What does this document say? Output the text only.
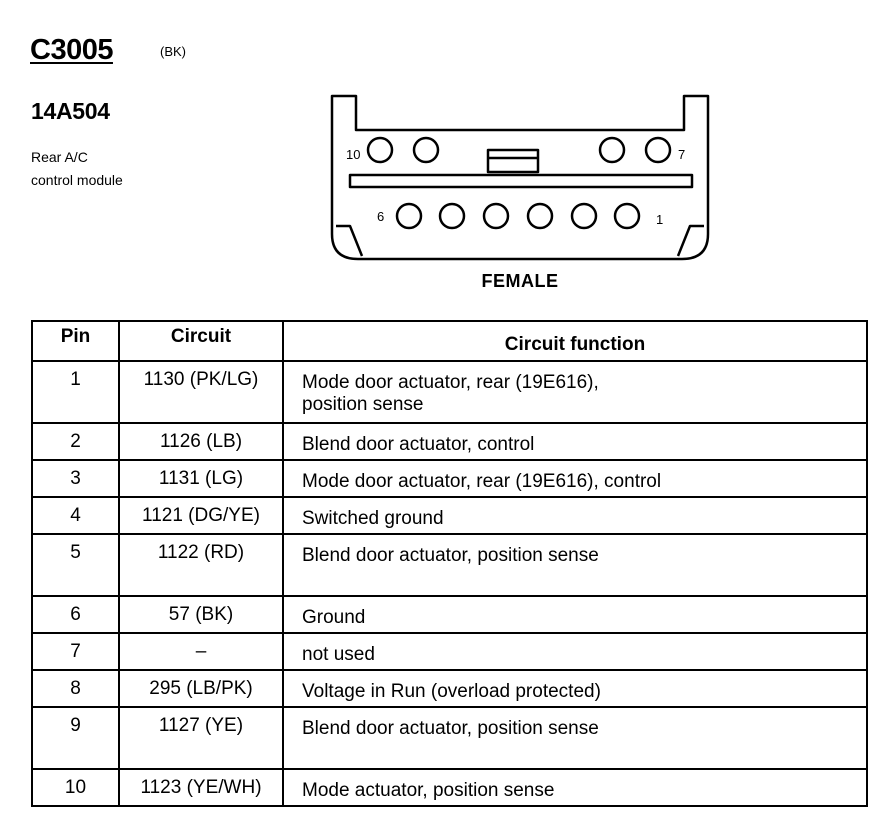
C3005	(BK)
14A504
Rear A/C
control module
10	7
6	1
FEMALE
Pin	Circuit	Circuit function
1	1130 (PK/LG)	Mode door actuator, rear (19E616),
position sense

2	1126 (LB)	Blend door actuator, control

3	1131 (LG)	Mode door actuator, rear (19E616), control

4	1121 (DG/YE)	Switched ground

5	1122 (RD)	Blend door actuator, position sense

6	57 (BK)	Ground

7	–	not used

8	295 (LB/PK)	Voltage in Run (overload protected)

9	1127 (YE)	Blend door actuator, position sense

10	1123 (YE/WH)	Mode actuator, position sense
